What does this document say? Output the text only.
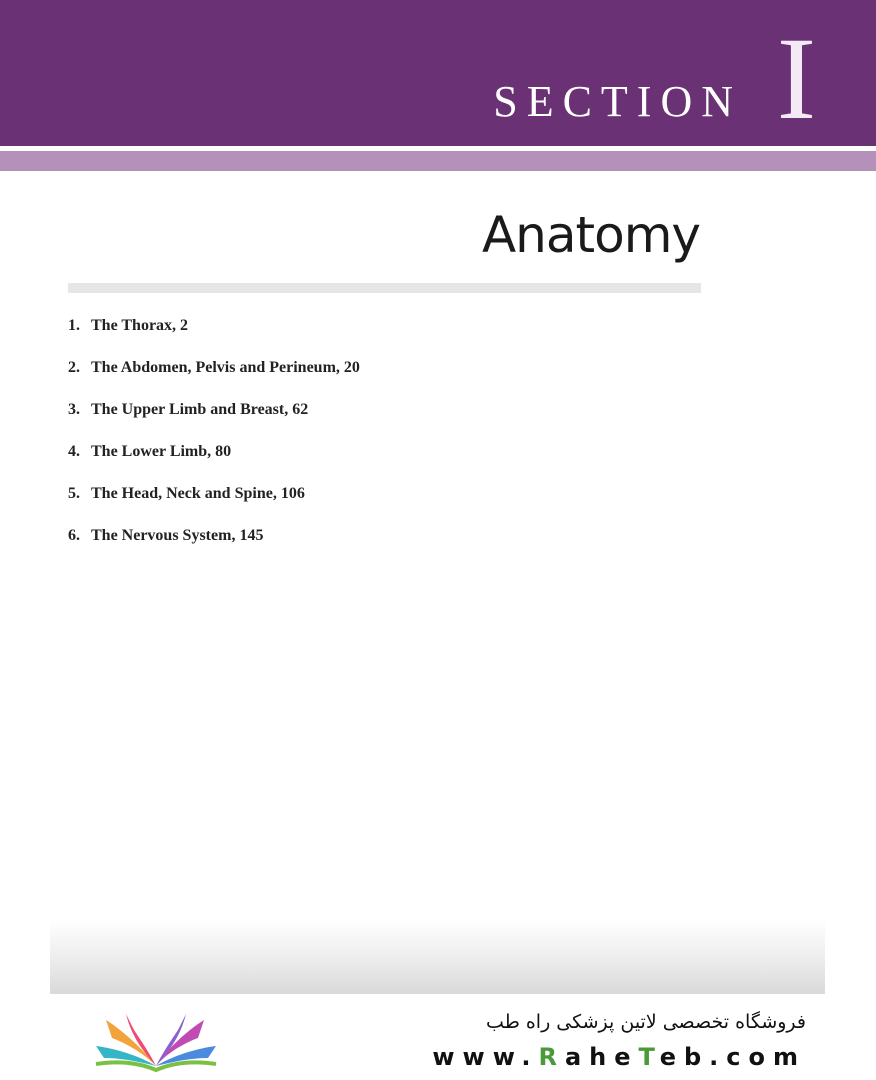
SECTION I
Anatomy
1. The Thorax, 2
2. The Abdomen, Pelvis and Perineum, 20
3. The Upper Limb and Breast, 62
4. The Lower Limb, 80
5. The Head, Neck and Spine, 106
6. The Nervous System, 145
فروشگاه تخصصی لاتین پزشکی راه طب
www.RaheTeb.com
